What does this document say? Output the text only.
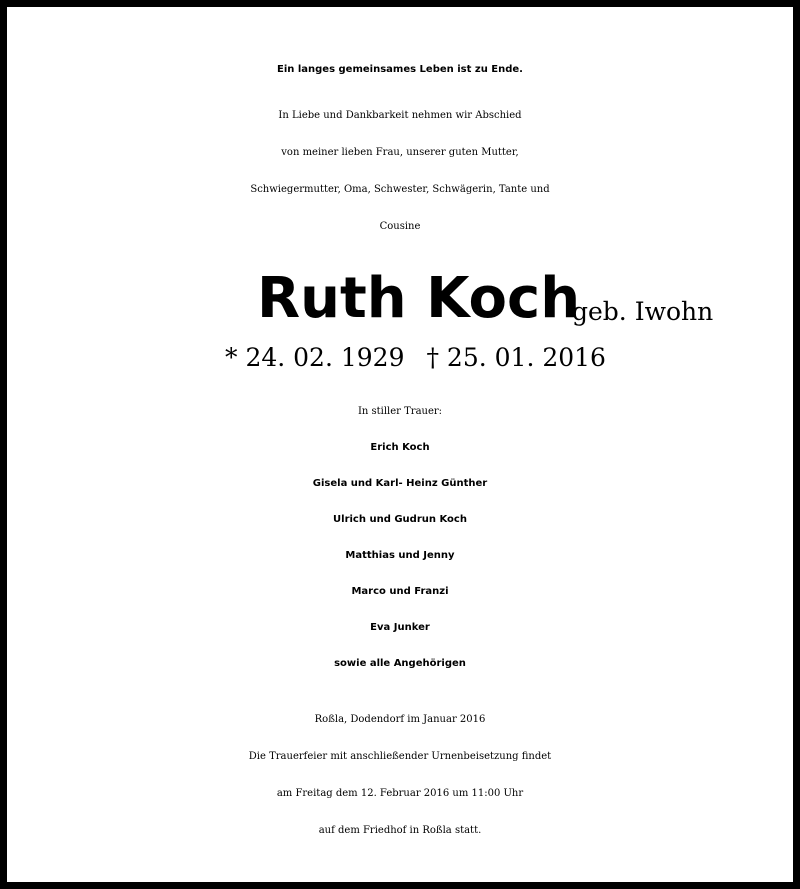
Ein langes gemeinsames Leben ist zu Ende.
In Liebe und Dankbarkeit nehmen wir Abschied
von meiner lieben Frau, unserer guten Mutter,
Schwiegermutter, Oma, Schwester, Schwägerin, Tante und
Cousine
Ruth Koch
geb. Iwohn
* 24. 02. 1929 † 25. 01. 2016
In stiller Trauer:
Erich Koch
Gisela und Karl- Heinz Günther
Ulrich und Gudrun Koch
Matthias und Jenny
Marco und Franzi
Eva Junker
sowie alle Angehörigen
Roßla, Dodendorf im Januar 2016
Die Trauerfeier mit anschließender Urnenbeisetzung findet
am Freitag dem 12. Februar 2016 um 11:00 Uhr
auf dem Friedhof in Roßla statt.
